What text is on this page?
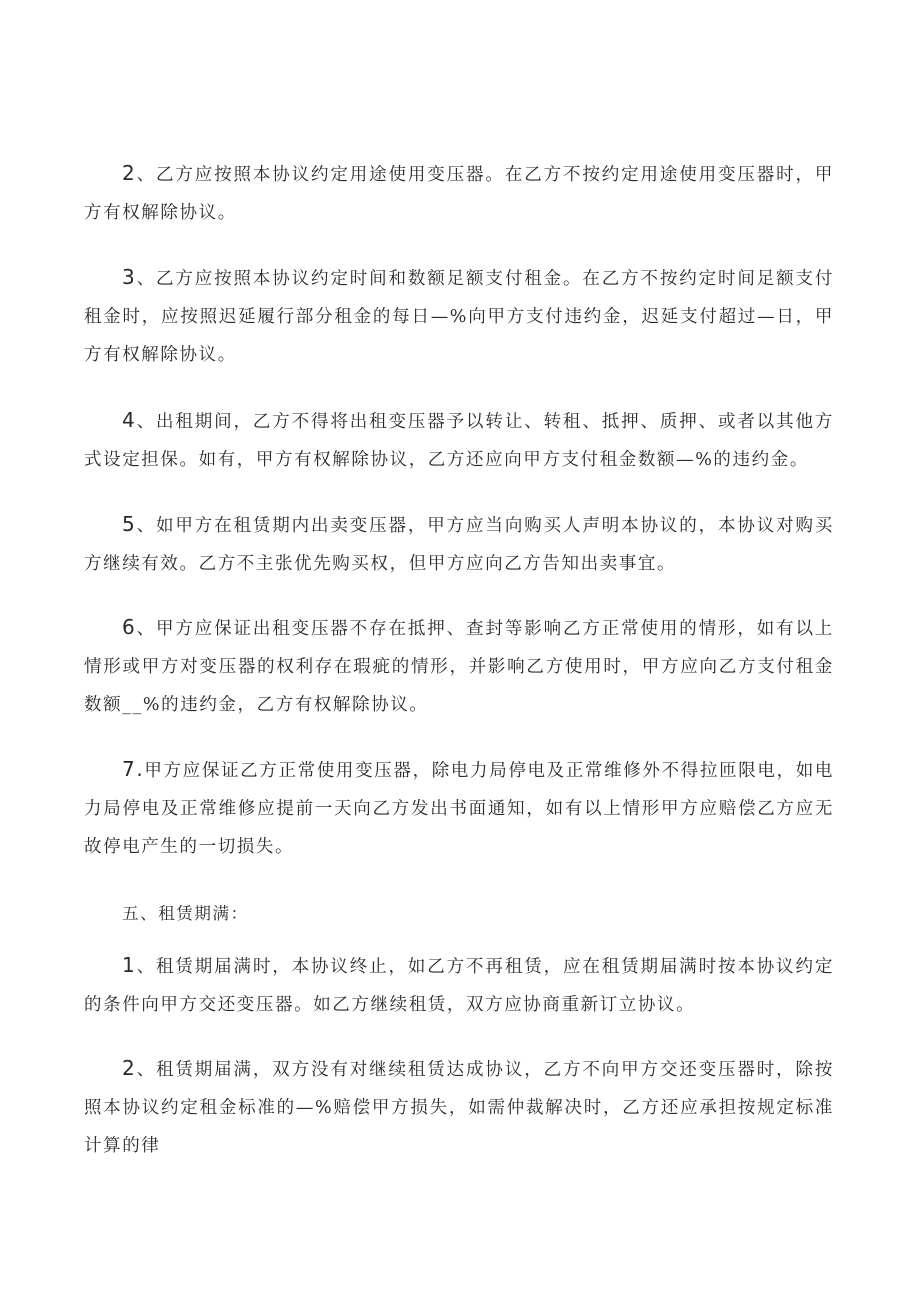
2、乙方应按照本协议约定用途使用变压器。在乙方不按约定用途使用变压器时，甲方有权解除协议。

3、乙方应按照本协议约定时间和数额足额支付租金。在乙方不按约定时间足额支付租金时，应按照迟延履行部分租金的每日—%向甲方支付违约金，迟延支付超过—日，甲方有权解除协议。

4、出租期间，乙方不得将出租变压器予以转让、转租、抵押、质押、或者以其他方式设定担保。如有，甲方有权解除协议，乙方还应向甲方支付租金数额—%的违约金。

5、如甲方在租赁期内出卖变压器，甲方应当向购买人声明本协议的，本协议对购买方继续有效。乙方不主张优先购买权，但甲方应向乙方告知出卖事宜。

6、甲方应保证出租变压器不存在抵押、查封等影响乙方正常使用的情形，如有以上情形或甲方对变压器的权利存在瑕疵的情形，并影响乙方使用时，甲方应向乙方支付租金数额__%的违约金，乙方有权解除协议。

7.甲方应保证乙方正常使用变压器，除电力局停电及正常维修外不得拉匝限电，如电力局停电及正常维修应提前一天向乙方发出书面通知，如有以上情形甲方应赔偿乙方应无故停电产生的一切损失。

五、租赁期满：

1、租赁期届满时，本协议终止，如乙方不再租赁，应在租赁期届满时按本协议约定的条件向甲方交还变压器。如乙方继续租赁，双方应协商重新订立协议。

2、租赁期届满，双方没有对继续租赁达成协议，乙方不向甲方交还变压器时，除按照本协议约定租金标准的—%赔偿甲方损失，如需仲裁解决时，乙方还应承担按规定标准计算的律
